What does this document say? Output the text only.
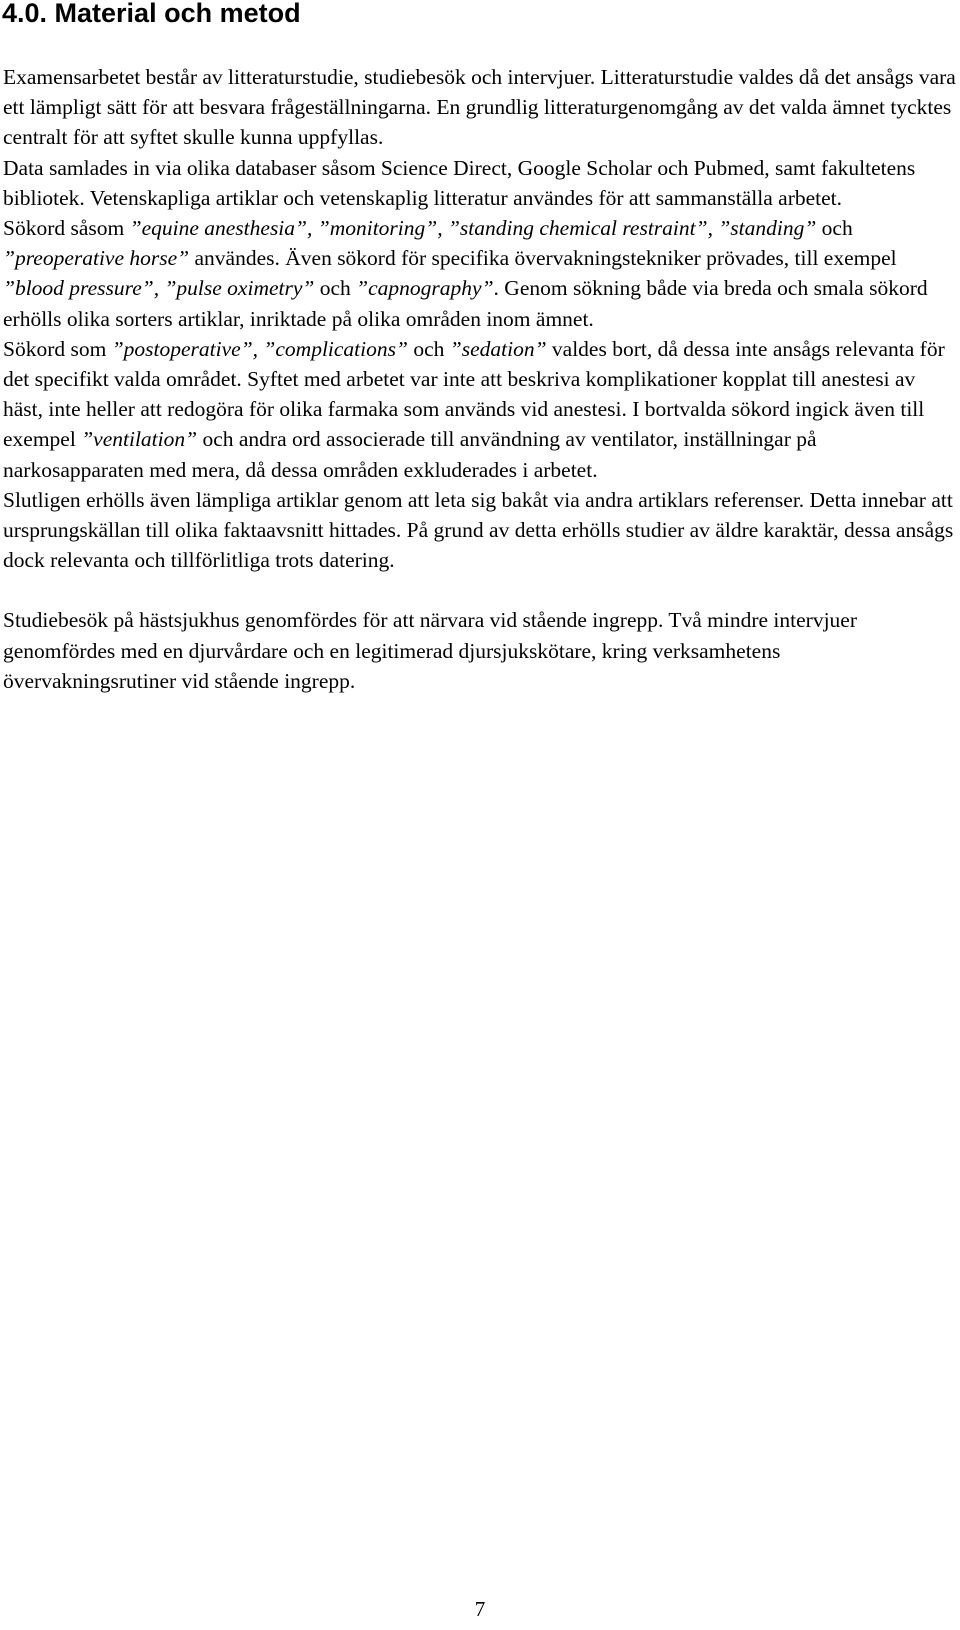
4.0. Material och metod

Examensarbetet består av litteraturstudie, studiebesök och intervjuer. Litteraturstudie valdes då det ansågs vara ett lämpligt sätt för att besvara frågeställningarna. En grundlig litteraturgenomgång av det valda ämnet tycktes centralt för att syftet skulle kunna uppfyllas.

Data samlades in via olika databaser såsom Science Direct, Google Scholar och Pubmed, samt fakultetens bibliotek. Vetenskapliga artiklar och vetenskaplig litteratur användes för att sammanställa arbetet.

Sökord såsom ”equine anesthesia”, ”monitoring”, ”standing chemical restraint”, ”standing” och ”preoperative horse” användes. Även sökord för specifika övervakningstekniker prövades, till exempel ”blood pressure”, ”pulse oximetry” och ”capnography”. Genom sökning både via breda och smala sökord erhölls olika sorters artiklar, inriktade på olika områden inom ämnet.

Sökord som ”postoperative”, ”complications” och ”sedation” valdes bort, då dessa inte ansågs relevanta för det specifikt valda området. Syftet med arbetet var inte att beskriva komplikationer kopplat till anestesi av häst, inte heller att redogöra för olika farmaka som används vid anestesi. I bortvalda sökord ingick även till exempel ”ventilation” och andra ord associerade till användning av ventilator, inställningar på narkosapparaten med mera, då dessa områden exkluderades i arbetet.

Slutligen erhölls även lämpliga artiklar genom att leta sig bakåt via andra artiklars referenser. Detta innebar att ursprungskällan till olika faktaavsnitt hittades. På grund av detta erhölls studier av äldre karaktär, dessa ansågs dock relevanta och tillförlitliga trots datering.

Studiebesök på hästsjukhus genomfördes för att närvara vid stående ingrepp. Två mindre intervjuer genomfördes med en djurvårdare och en legitimerad djursjukskötare, kring verksamhetens övervakningsrutiner vid stående ingrepp.

7
